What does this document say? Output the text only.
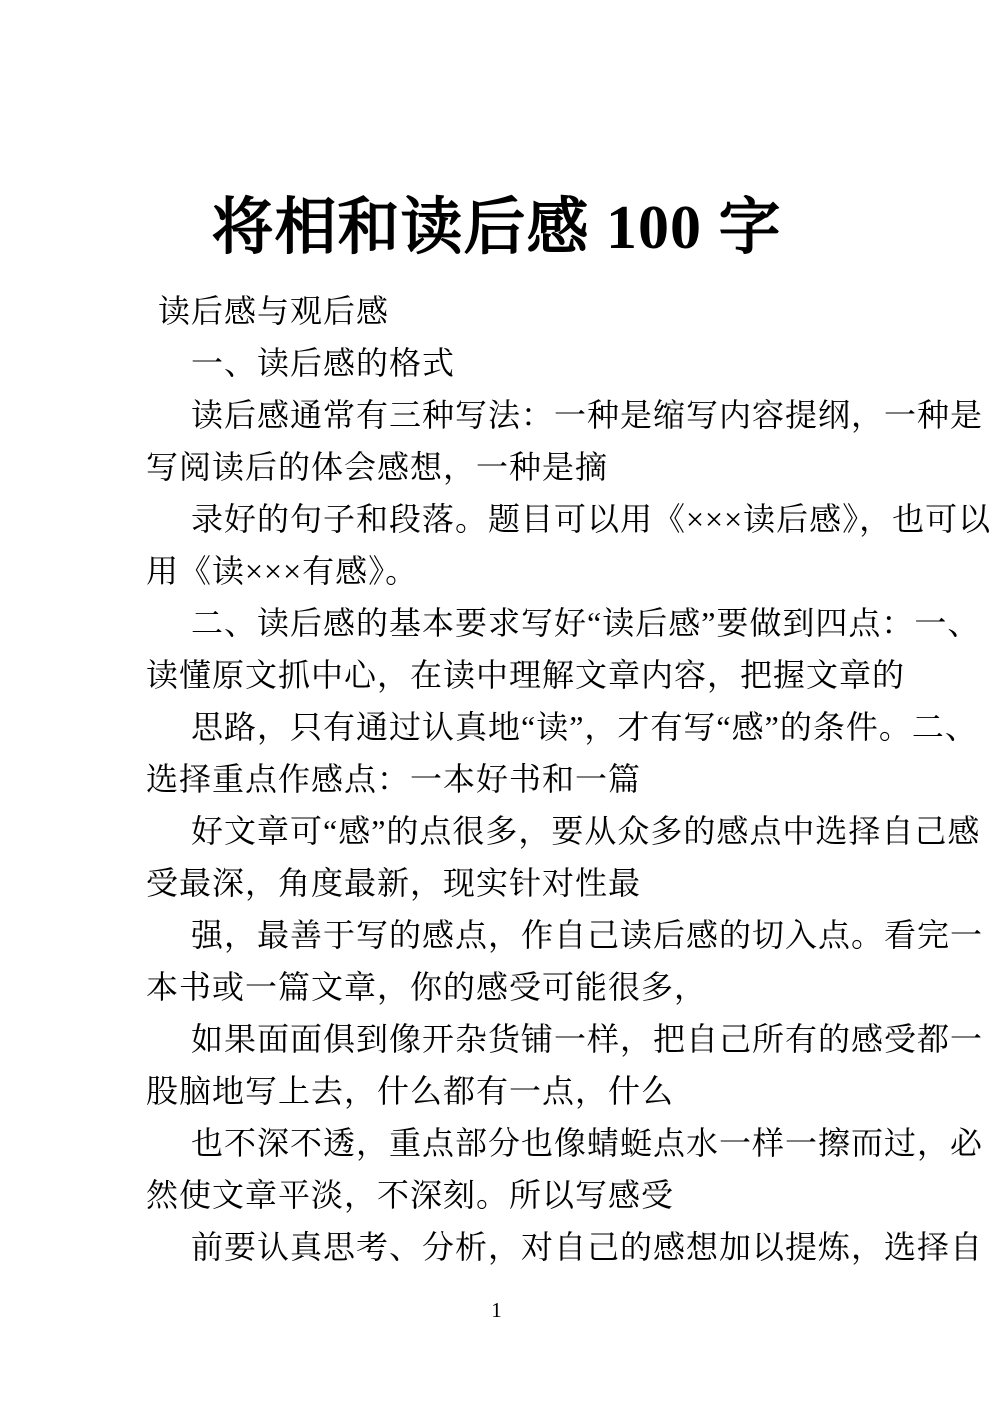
将相和读后感 100 字
读后感与观后感
一、读后感的格式
读后感通常有三种写法：一种是缩写内容提纲，一种是
写阅读后的体会感想，一种是摘
录好的句子和段落。题目可以用《×××读后感》，也可以
用《读×××有感》。
二、读后感的基本要求写好“读后感”要做到四点：一、
读懂原文抓中心，在读中理解文章内容，把握文章的
思路，只有通过认真地“读”，才有写“感”的条件。二、
选择重点作感点：一本好书和一篇
好文章可“感”的点很多，要从众多的感点中选择自己感
受最深，角度最新，现实针对性最
强，最善于写的感点，作自己读后感的切入点。看完一
本书或一篇文章，你的感受可能很多，
如果面面俱到像开杂货铺一样，把自己所有的感受都一
股脑地写上去，什么都有一点，什么
也不深不透，重点部分也像蜻蜓点水一样一擦而过，必
然使文章平淡，不深刻。所以写感受
前要认真思考、分析，对自己的感想加以提炼，选择自
1
